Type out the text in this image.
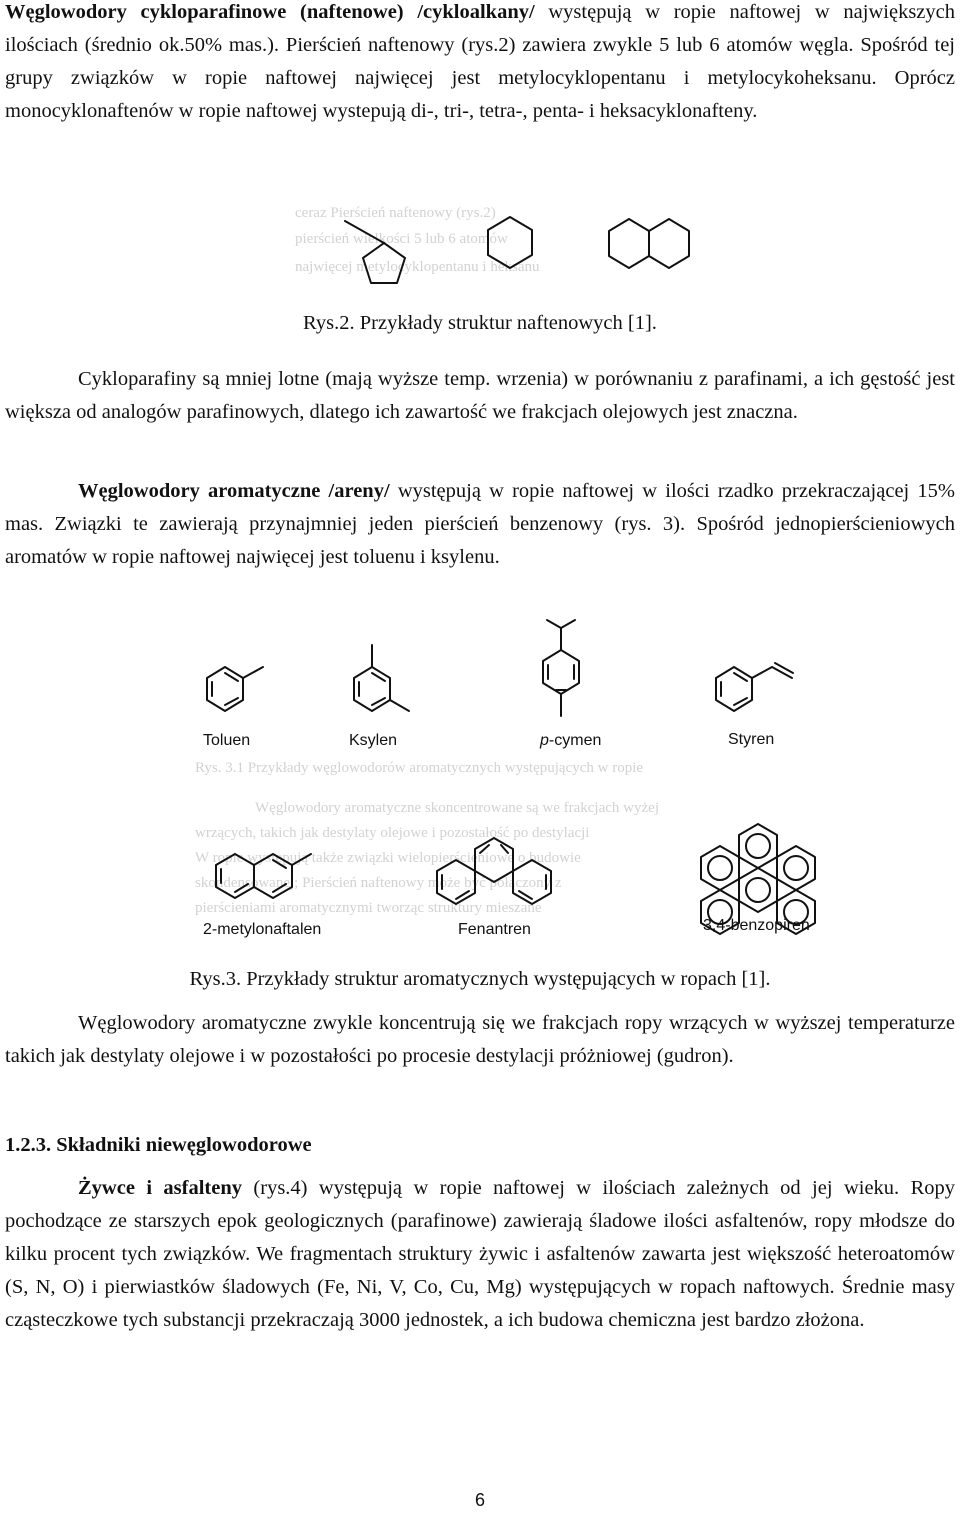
Węglowodory cykloparafinowe (naftenowe) /cykloalkany/ występują w ropie naftowej w największych ilościach (średnio ok.50% mas.). Pierścień naftenowy (rys.2) zawiera zwykle 5 lub 6 atomów węgla. Spośród tej grupy związków w ropie naftowej najwięcej jest metylocyklopentanu i metylocykoheksanu. Oprócz monocyklonaftenów w ropie naftowej wystepują di-, tri-, tetra-, penta- i heksacyklonafteny.

ceraz Pierścień naftenowy (rys.2)
pierścień wielkości 5 lub 6 atomów
najwięcej metylocyklopentanu i heksanu

Rys.2. Przykłady struktur naftenowych [1].

Cykloparafiny są mniej lotne (mają wyższe temp. wrzenia) w porównaniu z parafinami, a ich gęstość jest większa od analogów parafinowych, dlatego ich zawartość we frakcjach olejowych jest znaczna.

Węglowodory aromatyczne /areny/ występują w ropie naftowej w ilości rzadko przekraczającej 15% mas. Związki te zawierają przynajmniej jeden pierścień benzenowy (rys. 3). Spośród jednopierścieniowych aromatów w ropie naftowej najwięcej jest toluenu i ksylenu.

Rys. 3.1 Przykłady węglowodorów aromatycznych występujących w ropie
Węglowodory aromatyczne skoncentrowane są we frakcjach wyżej
wrzących, takich jak destylaty olejowe i pozostałość po destylacji
W ropie występują także związki wielopierścieniowe o budowie
skondensowanej; Pierścień naftenowy może być połączony z
pierścieniami aromatycznymi tworząc struktury mieszane
Toluen	Ksylen	p-cymen	Styren
2-metylonaftalen	Fenantren	3,4-benzopiren

Rys.3. Przykłady struktur aromatycznych występujących w ropach [1].

Węglowodory aromatyczne zwykle koncentrują się we frakcjach ropy wrzących w wyższej temperaturze takich jak destylaty olejowe i w pozostałości po procesie destylacji próżniowej (gudron).

1.2.3. Składniki niewęglowodorowe

Żywce i asfalteny (rys.4) występują w ropie naftowej w ilościach zależnych od jej wieku. Ropy pochodzące ze starszych epok geologicznych (parafinowe) zawierają śladowe ilości asfaltenów, ropy młodsze do kilku procent tych związków. We fragmentach struktury żywic i asfaltenów zawarta jest większość heteroatomów (S, N, O) i pierwiastków śladowych (Fe, Ni, V, Co, Cu, Mg) występujących w ropach naftowych. Średnie masy cząsteczkowe tych substancji przekraczają 3000 jednostek, a ich budowa chemiczna jest bardzo złożona.

6
